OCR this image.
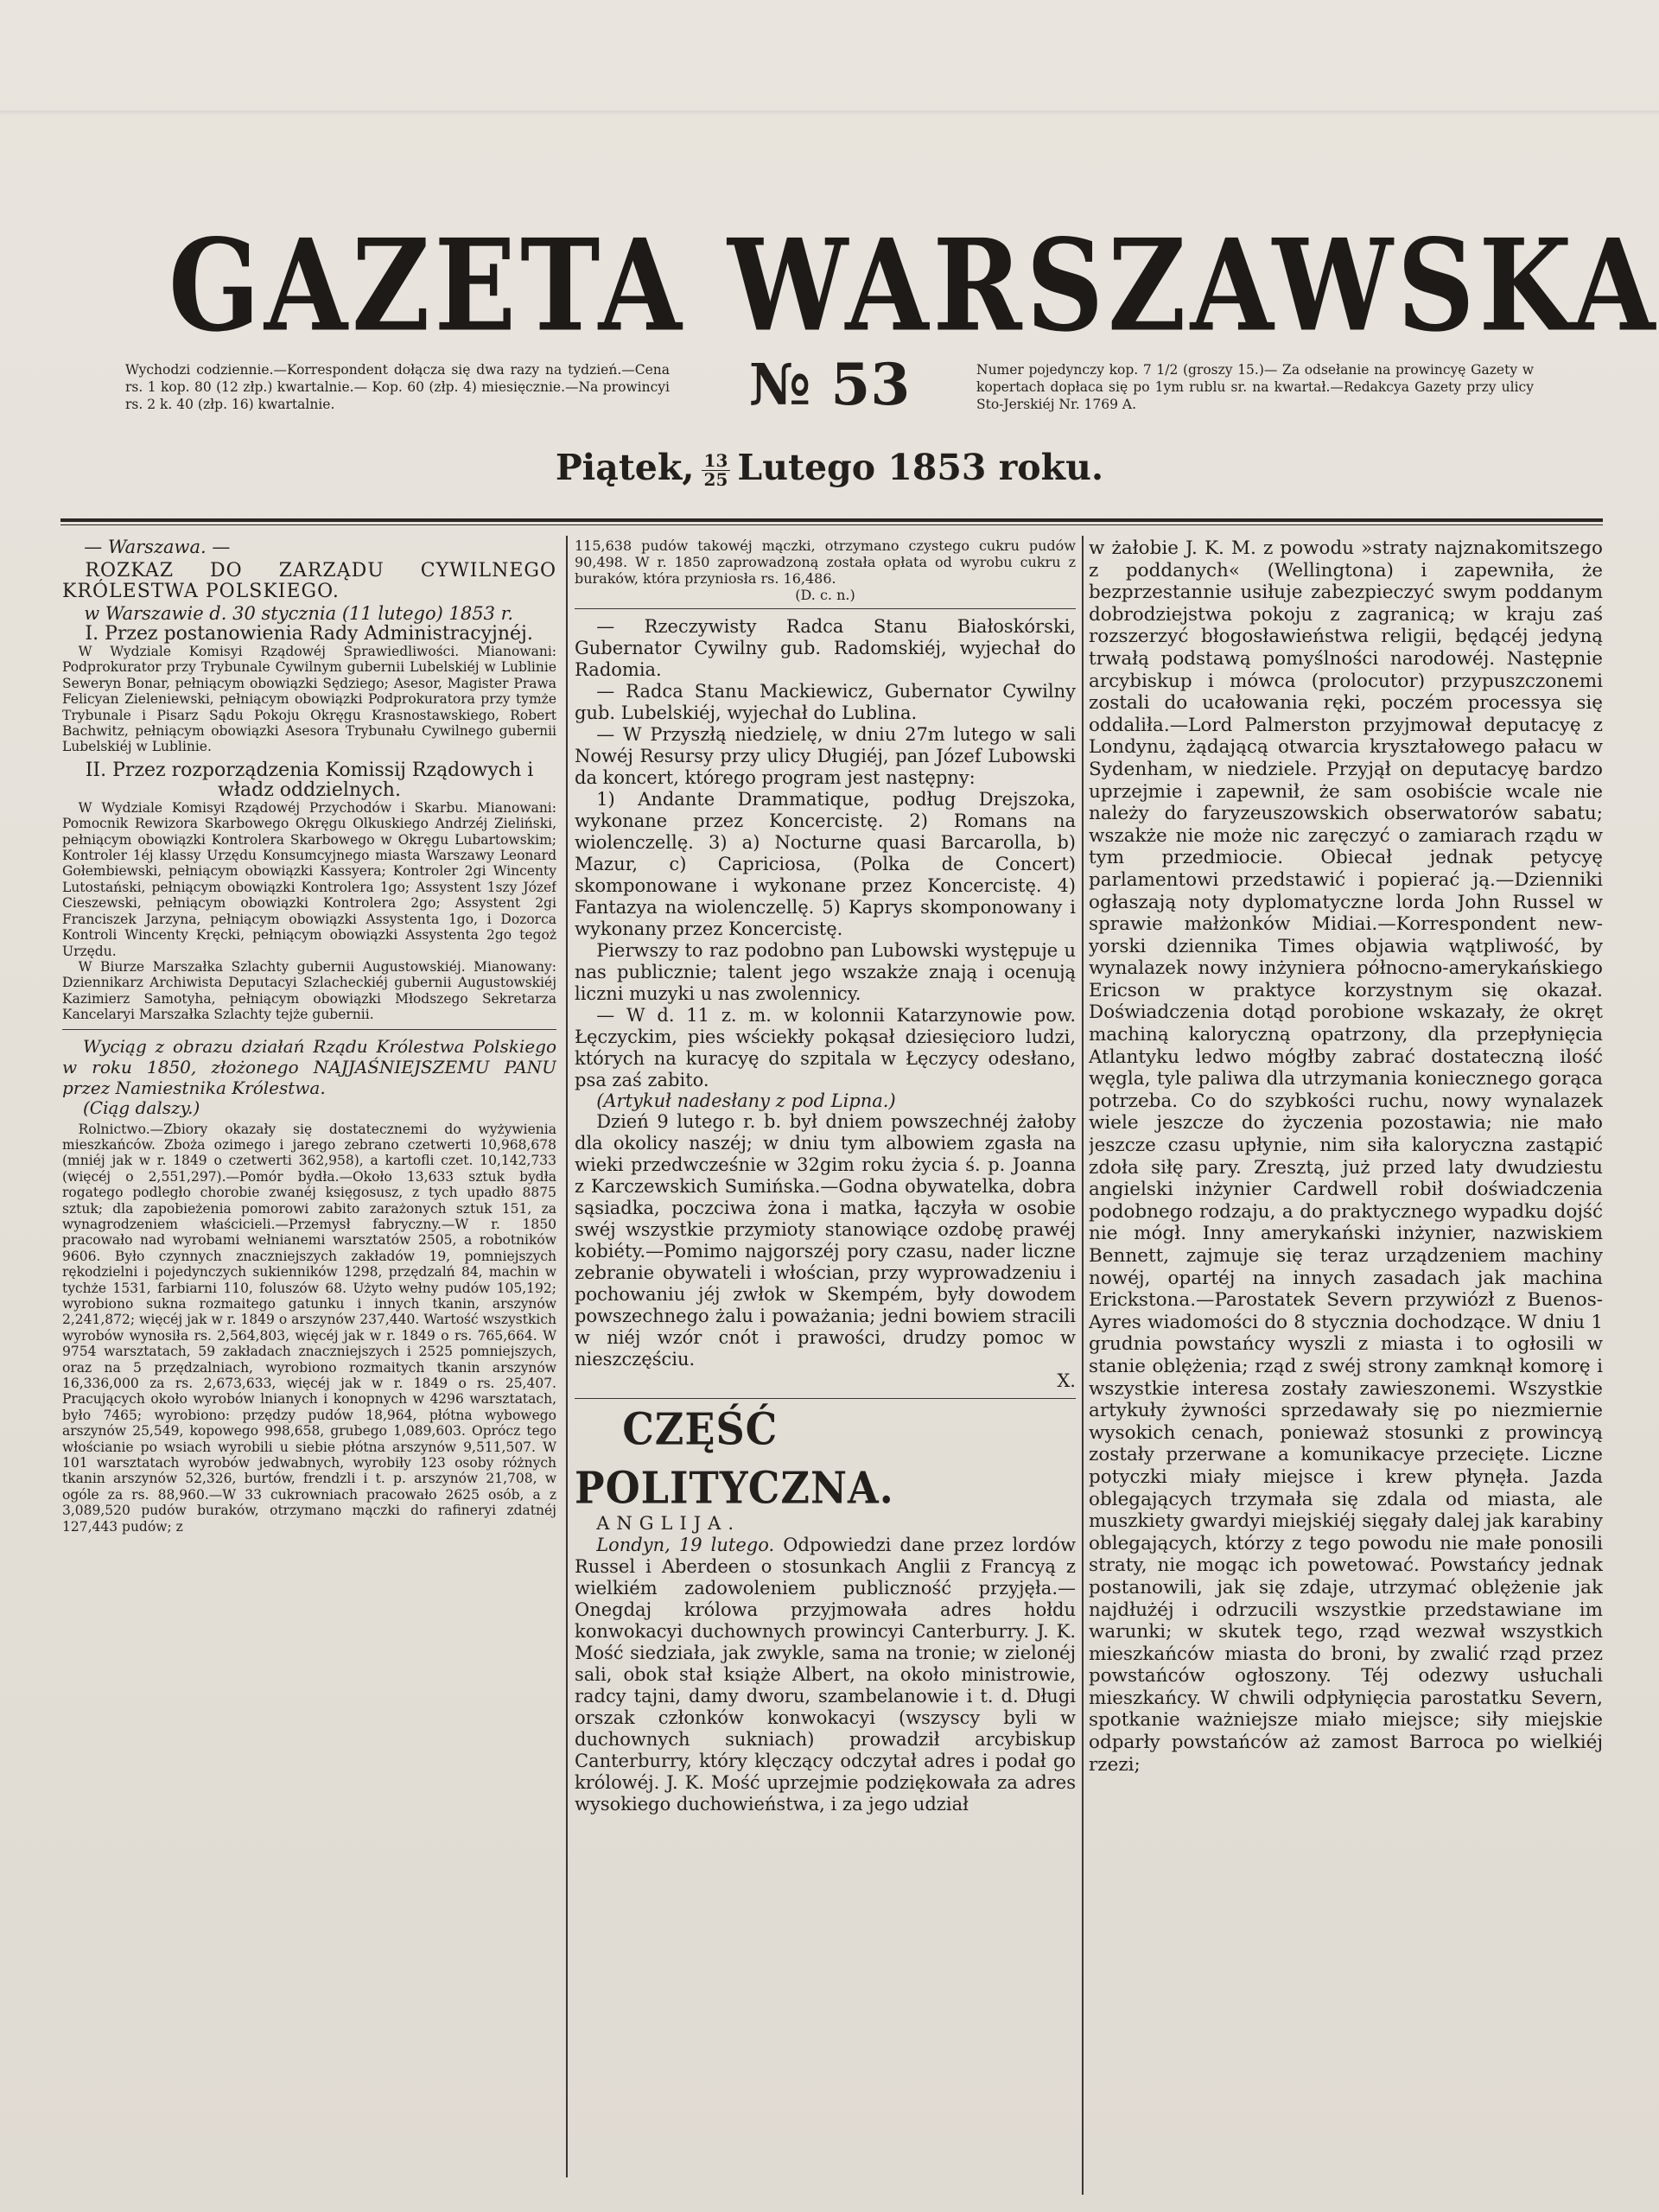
GAZETA WARSZAWSKA
Wychodzi codziennie.—Korrespondent dołącza się dwa razy na tydzień.—Cena rs. 1 kop. 80 (12 złp.) kwartalnie.— Kop. 60 (złp. 4) miesięcznie.—Na prowincyi rs. 2 k. 40 (złp. 16) kwartalnie.	№ 53	Numer pojedynczy kop. 7 1/2 (groszy 15.)— Za odsełanie na prowincyę Gazety w kopertach dopłaca się po 1ym rublu sr. na kwartał.—Redakcya Gazety przy ulicy Sto-Jerskiéj Nr. 1769 A.
Piątek, $\frac{13}{25}$ Lutego 1853 roku.

— Warszawa. —

ROZKAZ DO ZARZĄDU CYWILNEGO KRÓLESTWA POLSKIEGO.

w Warszawie d. 30 stycznia (11 lutego) 1853 r.

I. Przez postanowienia Rady Administracyjnéj.

W Wydziale Komisyi Rządowéj Sprawiedliwości. Mianowani: Podprokurator przy Trybunale Cywilnym gubernii Lubelskiéj w Lublinie Seweryn Bonar, pełniącym obowiązki Sędziego; Asesor, Magister Prawa Felicyan Zieleniewski, pełniącym obowiązki Podprokuratora przy tymże Trybunale i Pisarz Sądu Pokoju Okręgu Krasnostawskiego, Robert Bachwitz, pełniącym obowiązki Asesora Trybunału Cywilnego gubernii Lubelskiéj w Lublinie.

II. Przez rozporządzenia Komissij Rządowych i władz oddzielnych.

W Wydziale Komisyi Rządowéj Przychodów i Skarbu. Mianowani: Pomocnik Rewizora Skarbowego Okręgu Olkuskiego Andrzéj Zieliński, pełniącym obowiązki Kontrolera Skarbowego w Okręgu Lubartowskim; Kontroler 1éj klassy Urzędu Konsumcyjnego miasta Warszawy Leonard Gołembiewski, pełniącym obowiązki Kassyera; Kontroler 2gi Wincenty Lutostański, pełniącym obowiązki Kontrolera 1go; Assystent 1szy Józef Cieszewski, pełniącym obowiązki Kontrolera 2go; Assystent 2gi Franciszek Jarzyna, pełniącym obowiązki Assystenta 1go, i Dozorca Kontroli Wincenty Kręcki, pełniącym obowiązki Assystenta 2go tegoż Urzędu.

W Biurze Marszałka Szlachty gubernii Augustowskiéj. Mianowany: Dziennikarz Archiwista Deputacyi Szlacheckiéj gubernii Augustowskiéj Kazimierz Samotyha, pełniącym obowiązki Młodszego Sekretarza Kancelaryi Marszałka Szlachty tejże gubernii.

Wyciąg z obrazu działań Rządu Królestwa Polskiego w roku 1850, złożonego NAJJAŚNIEJSZEMU PANU przez Namiestnika Królestwa.

(Ciąg dalszy.)

Rolnictwo.—Zbiory okazały się dostatecznemi do wyżywienia mieszkańców. Zboża ozimego i jarego zebrano czetwerti 10,968,678 (mniéj jak w r. 1849 o czetwerti 362,958), a kartofli czet. 10,142,733 (więcéj o 2,551,297).—Pomór bydła.—Około 13,633 sztuk bydła rogatego podległo chorobie zwanéj księgosusz, z tych upadło 8875 sztuk; dla zapobieżenia pomorowi zabito zarażonych sztuk 151, za wynagrodzeniem właścicieli.—Przemysł fabryczny.—W r. 1850 pracowało nad wyrobami wełnianemi warsztatów 2505, a robotników 9606. Było czynnych znaczniejszych zakładów 19, pomniejszych rękodzielni i pojedynczych sukienników 1298, przędzalń 84, machin w tychże 1531, farbiarni 110, foluszów 68. Użyto wełny pudów 105,192; wyrobiono sukna rozmaitego gatunku i innych tkanin, arszynów 2,241,872; więcéj jak w r. 1849 o arszynów 237,440. Wartość wszystkich wyrobów wynosiła rs. 2,564,803, więcéj jak w r. 1849 o rs. 765,664. W 9754 warsztatach, 59 zakładach znaczniejszych i 2525 pomniejszych, oraz na 5 przędzalniach, wyrobiono rozmaitych tkanin arszynów 16,336,000 za rs. 2,673,633, więcéj jak w r. 1849 o rs. 25,407. Pracujących około wyrobów lnianych i konopnych w 4296 warsztatach, było 7465; wyrobiono: przędzy pudów 18,964, płótna wybowego arszynów 25,549, kopowego 998,658, grubego 1,089,603. Oprócz tego włościanie po wsiach wyrobili u siebie płótna arszynów 9,511,507. W 101 warsztatach wyrobów jedwabnych, wyrobiły 123 osoby różnych tkanin arszynów 52,326, burtów, frendzli i t. p. arszynów 21,708, w ogóle za rs. 88,960.—W 33 cukrowniach pracowało 2625 osób, a z 3,089,520 pudów buraków, otrzymano mączki do rafineryi zdatnéj 127,443 pudów; z

115,638 pudów takowéj mączki, otrzymano czystego cukru pudów 90,498. W r. 1850 zaprowadzoną została opłata od wyrobu cukru z buraków, która przyniosła rs. 16,486.

(D. c. n.)

— Rzeczywisty Radca Stanu Białoskórski, Gubernator Cywilny gub. Radomskiéj, wyjechał do Radomia.

— Radca Stanu Mackiewicz, Gubernator Cywilny gub. Lubelskiéj, wyjechał do Lublina.

— W Przyszłą niedzielę, w dniu 27m lutego w sali Nowéj Resursy przy ulicy Długiéj, pan Józef Lubowski da koncert, którego program jest następny:

1) Andante Drammatique, podług Drejszoka, wykonane przez Koncercistę. 2) Romans na wiolenczellę. 3) a) Nocturne quasi Barcarolla, b) Mazur, c) Capriciosa, (Polka de Concert) skomponowane i wykonane przez Koncercistę. 4) Fantazya na wiolenczellę. 5) Kaprys skomponowany i wykonany przez Koncercistę.

Pierwszy to raz podobno pan Lubowski występuje u nas publicznie; talent jego wszakże znają i ocenują liczni muzyki u nas zwolennicy.

— W d. 11 z. m. w kolonnii Katarzynowie pow. Łęczyckim, pies wściekły pokąsał dziesięcioro ludzi, których na kuracyę do szpitala w Łęczycy odesłano, psa zaś zabito.

(Artykuł nadesłany z pod Lipna.)

Dzień 9 lutego r. b. był dniem powszechnéj żałoby dla okolicy naszéj; w dniu tym albowiem zgasła na wieki przedwcześnie w 32gim roku życia ś. p. Joanna z Karczewskich Sumińska.—Godna obywatelka, dobra sąsiadka, poczciwa żona i matka, łączyła w osobie swéj wszystkie przymioty stanowiące ozdobę prawéj kobiéty.—Pomimo najgorszéj pory czasu, nader liczne zebranie obywateli i włościan, przy wyprowadzeniu i pochowaniu jéj zwłok w Skempém, były dowodem powszechnego żalu i poważania; jedni bowiem stracili w niéj wzór cnót i prawości, drudzy pomoc w nieszczęściu.

X.

CZĘŚĆ POLITYCZNA.

ANGLIJA.

Londyn, 19 lutego. Odpowiedzi dane przez lordów Russel i Aberdeen o stosunkach Anglii z Francyą z wielkiém zadowoleniem publiczność przyjęła.—Onegdaj królowa przyjmowała adres hołdu konwokacyi duchownych prowincyi Canterburry. J. K. Mość siedziała, jak zwykle, sama na tronie; w zielonéj sali, obok stał książe Albert, na około ministrowie, radcy tajni, damy dworu, szambelanowie i t. d. Długi orszak członków konwokacyi (wszyscy byli w duchownych sukniach) prowadził arcybiskup Canterburry, który klęczący odczytał adres i podał go królowéj. J. K. Mość uprzejmie podziękowała za adres wysokiego duchowieństwa, i za jego udział

w żałobie J. K. M. z powodu »straty najznakomitszego z poddanych« (Wellingtona) i zapewniła, że bezprzestannie usiłuje zabezpieczyć swym poddanym dobrodziejstwa pokoju z zagranicą; w kraju zaś rozszerzyć błogosławieństwa religii, będącéj jedyną trwałą podstawą pomyślności narodowéj. Następnie arcybiskup i mówca (prolocutor) przypuszczonemi zostali do ucałowania ręki, poczém processya się oddaliła.—Lord Palmerston przyjmował deputacyę z Londynu, żądającą otwarcia kryształowego pałacu w Sydenham, w niedziele. Przyjął on deputacyę bardzo uprzejmie i zapewnił, że sam osobiście wcale nie należy do faryzeuszowskich obserwatorów sabatu; wszakże nie może nic zaręczyć o zamiarach rządu w tym przedmiocie. Obiecał jednak petycyę parlamentowi przedstawić i popierać ją.—Dzienniki ogłaszają noty dyplomatyczne lorda John Russel w sprawie małżonków Midiai.—Korrespondent new-yorski dziennika Times objawia wątpliwość, by wynalazek nowy inżyniera północno-amerykańskiego Ericson w praktyce korzystnym się okazał. Doświadczenia dotąd porobione wskazały, że okręt machiną kaloryczną opatrzony, dla przepłynięcia Atlantyku ledwo mógłby zabrać dostateczną ilość węgla, tyle paliwa dla utrzymania koniecznego gorąca potrzeba. Co do szybkości ruchu, nowy wynalazek wiele jeszcze do życzenia pozostawia; nie mało jeszcze czasu upłynie, nim siła kaloryczna zastąpić zdoła siłę pary. Zresztą, już przed laty dwudziestu angielski inżynier Cardwell robił doświadczenia podobnego rodzaju, a do praktycznego wypadku dojść nie mógł. Inny amerykański inżynier, nazwiskiem Bennett, zajmuje się teraz urządzeniem machiny nowéj, opartéj na innych zasadach jak machina Erickstona.—Parostatek Severn przywiózł z Buenos-Ayres wiadomości do 8 stycznia dochodzące. W dniu 1 grudnia powstańcy wyszli z miasta i to ogłosili w stanie oblężenia; rząd z swéj strony zamknął komorę i wszystkie interesa zostały zawieszonemi. Wszystkie artykuły żywności sprzedawały się po niezmiernie wysokich cenach, ponieważ stosunki z prowincyą zostały przerwane a komunikacye przecięte. Liczne potyczki miały miejsce i krew płynęła. Jazda oblegających trzymała się zdala od miasta, ale muszkiety gwardyi miejskiéj sięgały dalej jak karabiny oblegających, którzy z tego powodu nie małe ponosili straty, nie mogąc ich powetować. Powstańcy jednak postanowili, jak się zdaje, utrzymać oblężenie jak najdłużéj i odrzucili wszystkie przedstawiane im warunki; w skutek tego, rząd wezwał wszystkich mieszkańców miasta do broni, by zwalić rząd przez powstańców ogłoszony. Téj odezwy usłuchali mieszkańcy. W chwili odpłynięcia parostatku Severn, spotkanie ważniejsze miało miejsce; siły miejskie odparły powstańców aż zamost Barroca po wielkiéj rzezi;
